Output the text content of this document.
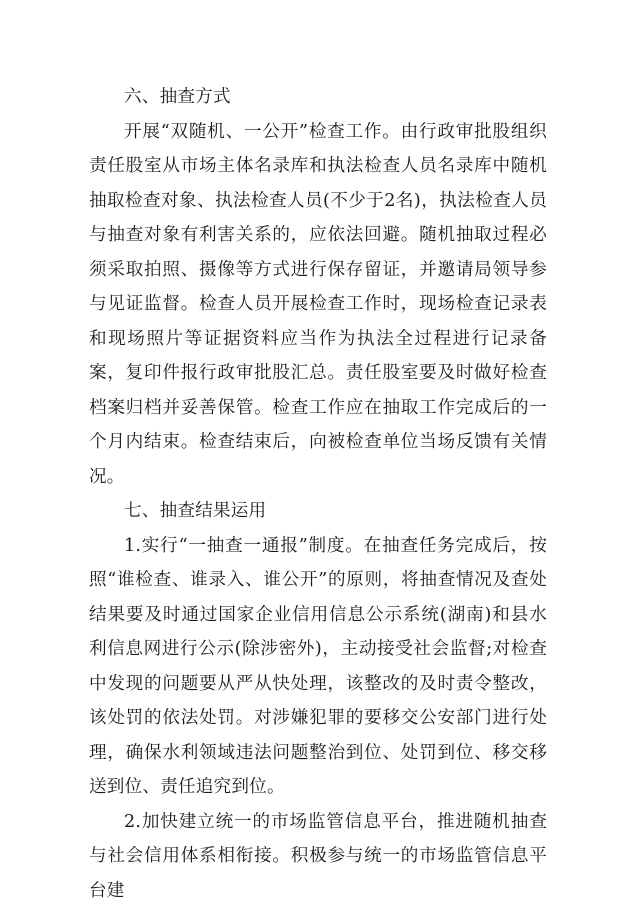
六、抽查方式

开展“双随机、一公开”检查工作。由行政审批股组织责任股室从市场主体名录库和执法检查人员名录库中随机抽取检查对象、执法检查人员(不少于2名)，执法检查人员与抽查对象有利害关系的，应依法回避。随机抽取过程必须采取拍照、摄像等方式进行保存留证，并邀请局领导参与见证监督。检查人员开展检查工作时，现场检查记录表和现场照片等证据资料应当作为执法全过程进行记录备案，复印件报行政审批股汇总。责任股室要及时做好检查档案归档并妥善保管。检查工作应在抽取工作完成后的一个月内结束。检查结束后，向被检查单位当场反馈有关情况。

七、抽查结果运用

1.实行“一抽查一通报”制度。在抽查任务完成后，按照“谁检查、谁录入、谁公开”的原则，将抽查情况及查处结果要及时通过国家企业信用信息公示系统(湖南)和县水利信息网进行公示(除涉密外)，主动接受社会监督;对检查中发现的问题要从严从快处理，该整改的及时责令整改，该处罚的依法处罚。对涉嫌犯罪的要移交公安部门进行处理，确保水利领域违法问题整治到位、处罚到位、移交移送到位、责任追究到位。

2.加快建立统一的市场监管信息平台，推进随机抽查与社会信用体系相衔接。积极参与统一的市场监管信息平台建
